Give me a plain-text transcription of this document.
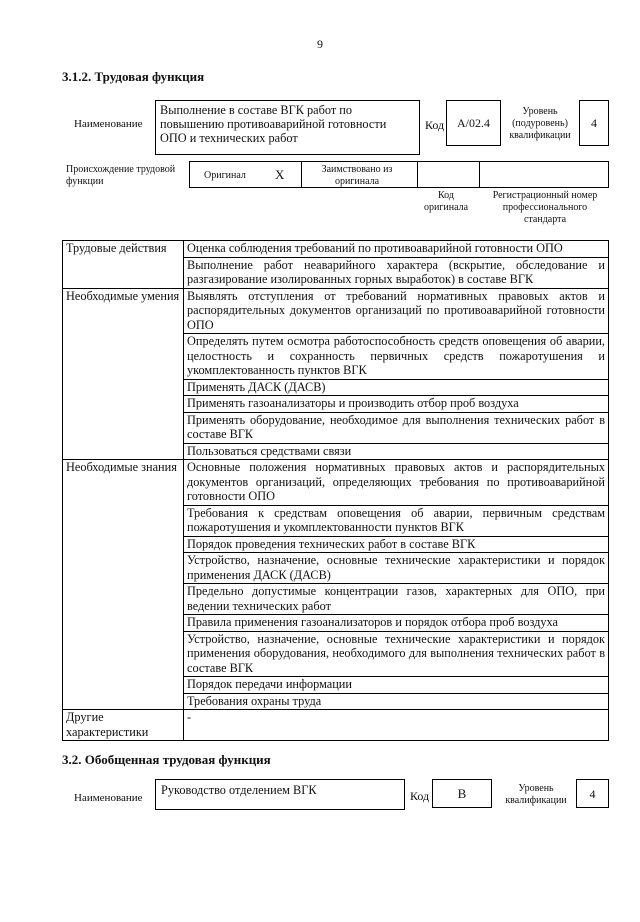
9
3.1.2. Трудовая функция
Наименование
Выполнение в составе ВГК работ по повышению противоаварийной готовности ОПО и технических работ
Код A/02.4
Уровень (подуровень) квалификации
4
Происхождение трудовой функции
Оригинал X	Заимствовано из оригинала
Код оригинала
Регистрационный номер профессионального стандарта
Трудовые действия	Оценка соблюдения требований по противоаварийной готовности ОПО
	Выполнение работ неаварийного характера (вскрытие, обследование и разгазирование изолированных горных выработок) в составе ВГК
Необходимые умения	Выявлять отступления от требований нормативных правовых актов и распорядительных документов организаций по противоаварийной готовности ОПО
	Определять путем осмотра работоспособность средств оповещения об аварии, целостность и сохранность первичных средств пожаротушения и укомплектованность пунктов ВГК
	Применять ДАСК (ДАСВ)
	Применять газоанализаторы и производить отбор проб воздуха
	Применять оборудование, необходимое для выполнения технических работ в составе ВГК
	Пользоваться средствами связи
Необходимые знания	Основные положения нормативных правовых актов и распорядительных документов организаций, определяющих требования по противоаварийной готовности ОПО
	Требования к средствам оповещения об аварии, первичным средствам пожаротушения и укомплектованности пунктов ВГК
	Порядок проведения технических работ в составе ВГК
	Устройство, назначение, основные технические характеристики и порядок применения ДАСК (ДАСВ)
	Предельно допустимые концентрации газов, характерных для ОПО, при ведении технических работ
	Правила применения газоанализаторов и порядок отбора проб воздуха
	Устройство, назначение, основные технические характеристики и порядок применения оборудования, необходимого для выполнения технических работ в составе ВГК
	Порядок передачи информации
	Требования охраны труда
Другие характеристики	-
3.2. Обобщенная трудовая функция
Наименование
Руководство отделением ВГК	Код B	Уровень квалификации	4
